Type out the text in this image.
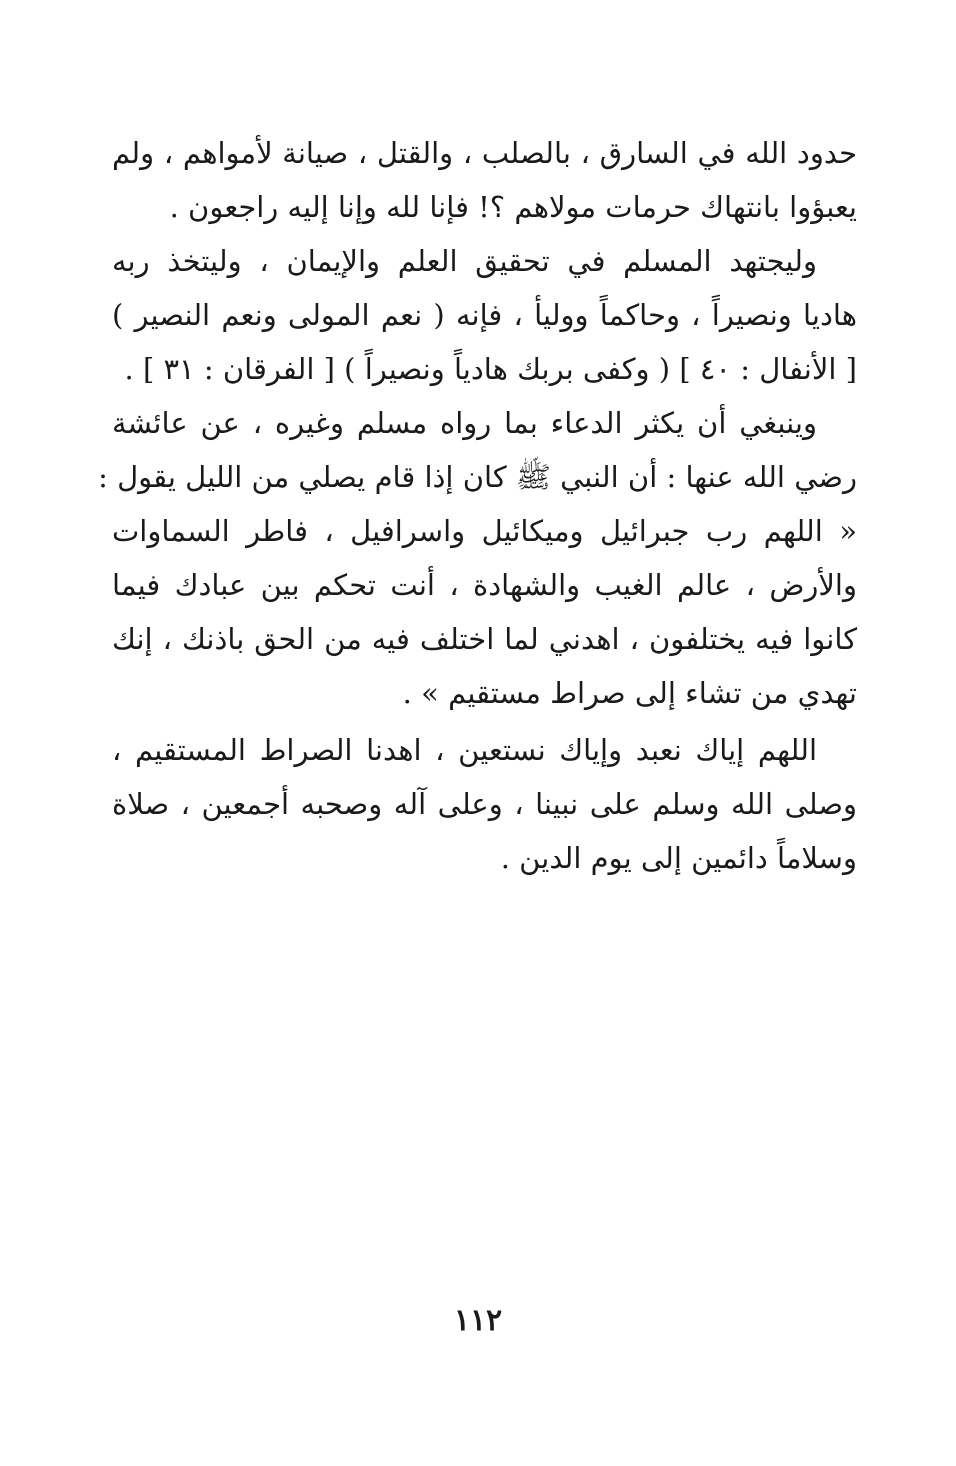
حدود الله في السارق ، بالصلب ، والقتل ، صيانة لأمواهم ، ولم
يعبؤوا بانتهاك حرمات مولاهم ؟! فإنا لله وإنا إليه راجعون .
وليجتهد المسلم في تحقيق العلم والإيمان ، وليتخذ ربه
هاديا ونصيراً ، وحاكماً ووليأ ، فإنه ( نعم المولى ونعم النصير )
[ الأنفال : ٤٠ ] ( وكفى بربك هادياً ونصيراً ) [ الفرقان : ٣١ ] .
وينبغي أن يكثر الدعاء بما رواه مسلم وغيره ، عن عائشة
رضي الله عنها : أن النبي ﷺ كان إذا قام يصلي من الليل يقول :
« اللهم رب جبرائيل وميكائيل واسرافيل ، فاطر السماوات
والأرض ، عالم الغيب والشهادة ، أنت تحكم بين عبادك فيما
كانوا فيه يختلفون ، اهدني لما اختلف فيه من الحق باذنك ، إنك
تهدي من تشاء إلى صراط مستقيم » .
اللهم إياك نعبد وإياك نستعين ، اهدنا الصراط المستقيم ،
وصلى الله وسلم على نبينا ، وعلى آله وصحبه أجمعين ، صلاة
وسلاماً دائمين إلى يوم الدين .
١١٢
